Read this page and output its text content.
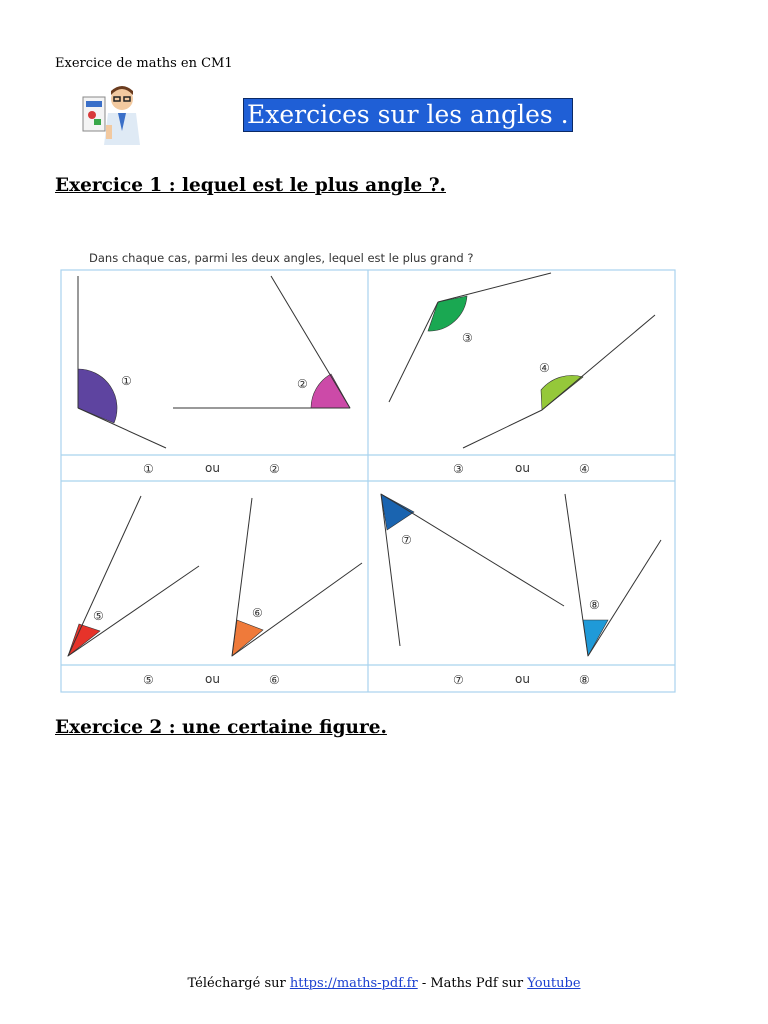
Exercice de maths en CM1
Exercices sur les angles .
Exercice 1 : lequel est le plus angle ?.
Dans chaque cas, parmi les deux angles, lequel est le plus grand ?
①	②
③
④
⑤	⑥
⑦
⑧
①	ou	②	③	ou	④
⑤	ou	⑥	⑦	ou	⑧
Exercice 2 : une certaine figure.
Téléchargé sur https://maths-pdf.fr - Maths Pdf sur Youtube
